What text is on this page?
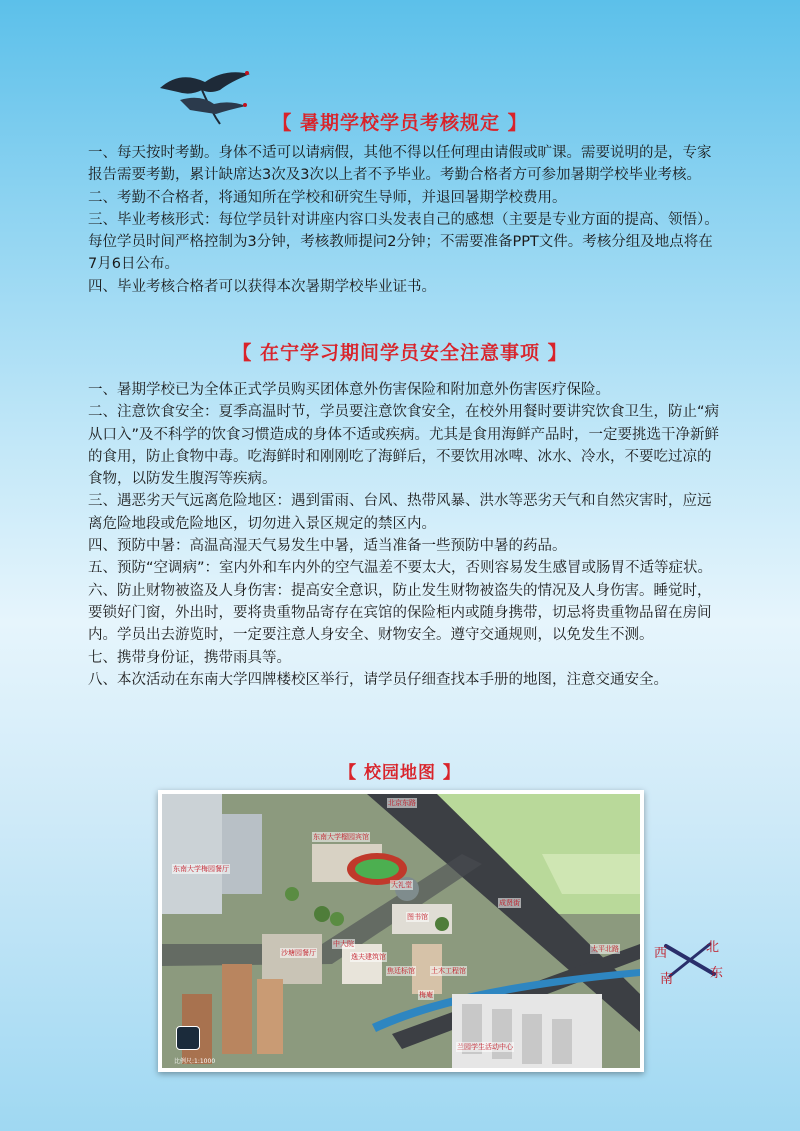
【 暑期学校学员考核规定 】

一、每天按时考勤。身体不适可以请病假，其他不得以任何理由请假或旷课。需要说明的是，专家报告需要考勤，累计缺席达3次及3次以上者不予毕业。考勤合格者方可参加暑期学校毕业考核。

二、考勤不合格者，将通知所在学校和研究生导师，并退回暑期学校费用。

三、毕业考核形式：每位学员针对讲座内容口头发表自己的感想（主要是专业方面的提高、领悟）。每位学员时间严格控制为3分钟，考核教师提问2分钟；不需要准备PPT文件。考核分组及地点将在7月6日公布。

四、毕业考核合格者可以获得本次暑期学校毕业证书。

【 在宁学习期间学员安全注意事项 】

一、暑期学校已为全体正式学员购买团体意外伤害保险和附加意外伤害医疗保险。

二、注意饮食安全：夏季高温时节，学员要注意饮食安全，在校外用餐时要讲究饮食卫生，防止“病从口入”及不科学的饮食习惯造成的身体不适或疾病。尤其是食用海鲜产品时，一定要挑选干净新鲜的食用，防止食物中毒。吃海鲜时和刚刚吃了海鲜后，不要饮用冰啤、冰水、冷水，不要吃过凉的食物，以防发生腹泻等疾病。

三、遇恶劣天气远离危险地区：遇到雷雨、台风、热带风暴、洪水等恶劣天气和自然灾害时，应远离危险地段或危险地区，切勿进入景区规定的禁区内。

四、预防中暑：高温高湿天气易发生中暑，适当准备一些预防中暑的药品。

五、预防“空调病”：室内外和车内外的空气温差不要太大，否则容易发生感冒或肠胃不适等症状。

六、防止财物被盗及人身伤害：提高安全意识，防止发生财物被盗失的情况及人身伤害。睡觉时，要锁好门窗，外出时，要将贵重物品寄存在宾馆的保险柜内或随身携带，切忌将贵重物品留在房间内。学员出去游览时，一定要注意人身安全、财物安全。遵守交通规则，以免发生不测。

七、携带身份证，携带雨具等。

八、本次活动在东南大学四牌楼校区举行，请学员仔细查找本手册的地图，注意交通安全。

【 校园地图 】
东南大学榴园宾馆
东南大学梅园餐厅
大礼堂
图书馆
沙塘园餐厅
中大院
焦廷标馆 土木工程馆
梅庵
逸夫建筑馆
兰园学生活动中心
北京东路
成贤街
太平北路
比例尺:1:1000
西	北
南	东
